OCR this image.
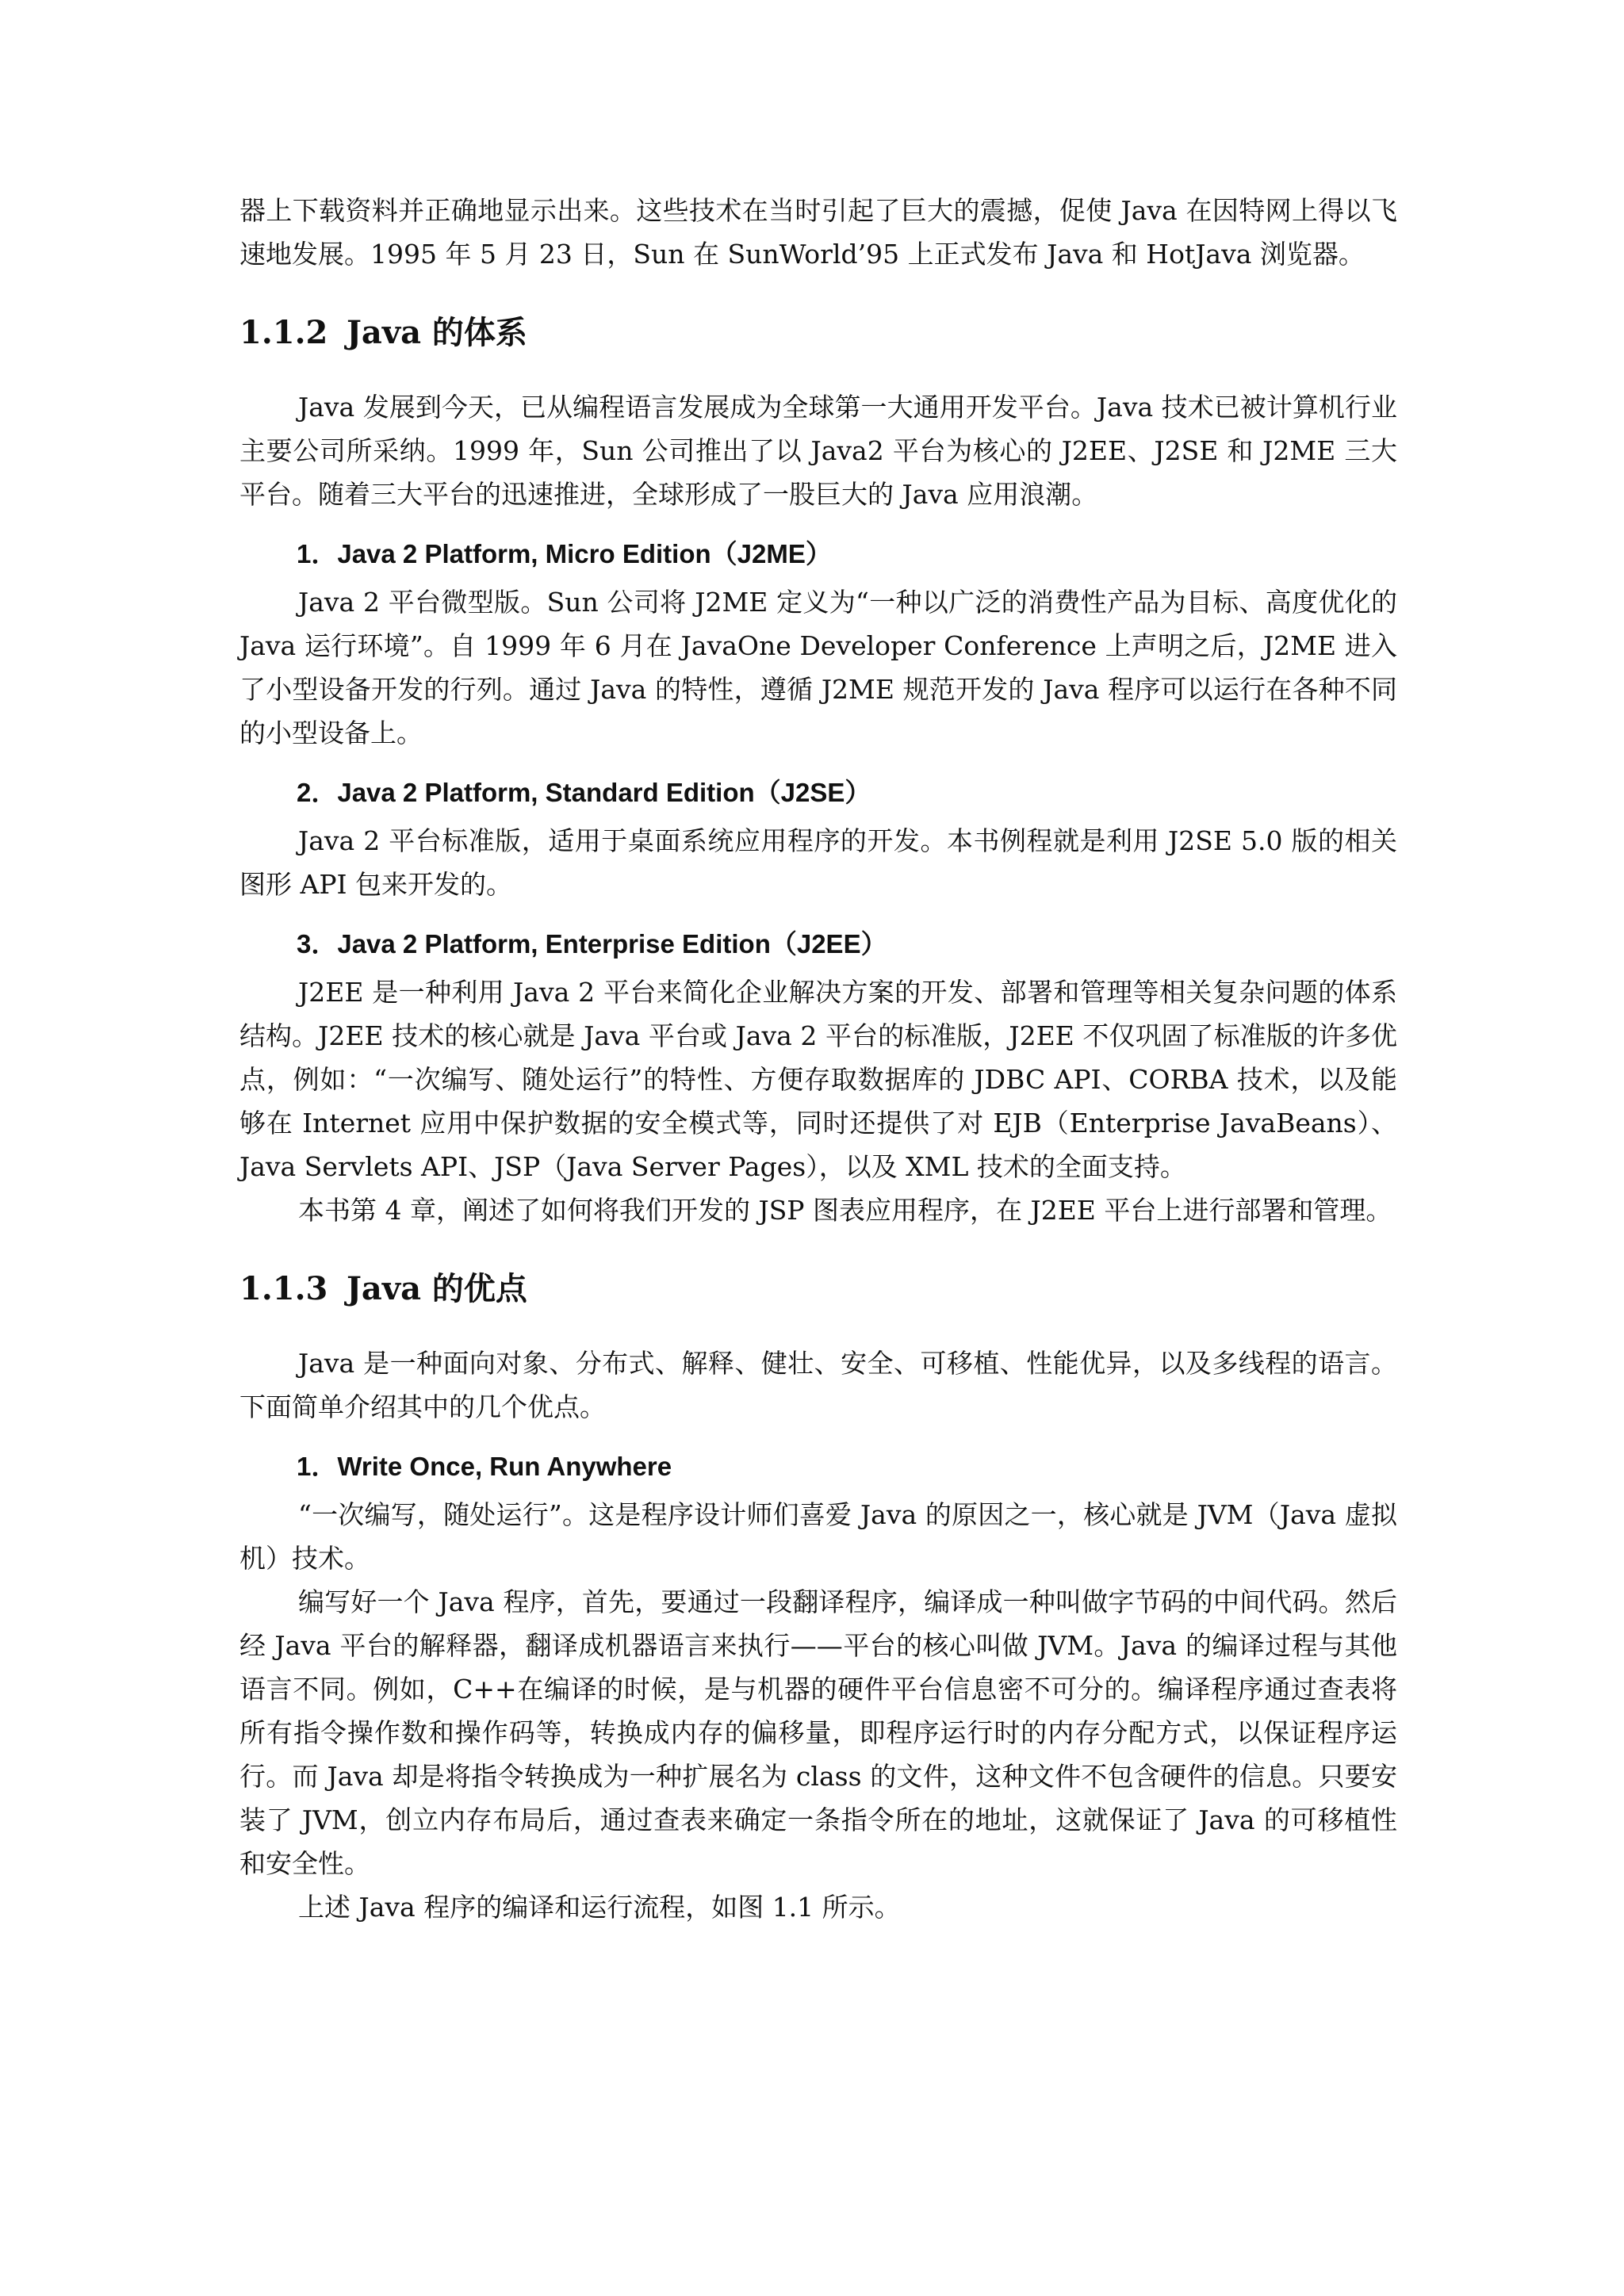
器上下载资料并正确地显示出来。这些技术在当时引起了巨大的震撼，促使 Java 在因特网上得以飞速地发展。1995 年 5 月 23 日，Sun 在 SunWorld’95 上正式发布 Java 和 HotJava 浏览器。

1.1.2 Java 的体系

Java 发展到今天，已从编程语言发展成为全球第一大通用开发平台。Java 技术已被计算机行业主要公司所采纳。1999 年，Sun 公司推出了以 Java2 平台为核心的 J2EE、J2SE 和 J2ME 三大平台。随着三大平台的迅速推进，全球形成了一股巨大的 Java 应用浪潮。

1．Java 2 Platform, Micro Edition（J2ME）

Java 2 平台微型版。Sun 公司将 J2ME 定义为“一种以广泛的消费性产品为目标、高度优化的 Java 运行环境”。自 1999 年 6 月在 JavaOne Developer Conference 上声明之后，J2ME 进入了小型设备开发的行列。通过 Java 的特性，遵循 J2ME 规范开发的 Java 程序可以运行在各种不同的小型设备上。

2．Java 2 Platform, Standard Edition（J2SE）

Java 2 平台标准版，适用于桌面系统应用程序的开发。本书例程就是利用 J2SE 5.0 版的相关图形 API 包来开发的。

3．Java 2 Platform, Enterprise Edition（J2EE）

J2EE 是一种利用 Java 2 平台来简化企业解决方案的开发、部署和管理等相关复杂问题的体系结构。J2EE 技术的核心就是 Java 平台或 Java 2 平台的标准版，J2EE 不仅巩固了标准版的许多优点，例如：“一次编写、随处运行”的特性、方便存取数据库的 JDBC API、CORBA 技术，以及能够在 Internet 应用中保护数据的安全模式等，同时还提供了对 EJB（Enterprise JavaBeans）、Java Servlets API、JSP（Java Server Pages），以及 XML 技术的全面支持。

本书第 4 章，阐述了如何将我们开发的 JSP 图表应用程序，在 J2EE 平台上进行部署和管理。

1.1.3 Java 的优点

Java 是一种面向对象、分布式、解释、健壮、安全、可移植、性能优异，以及多线程的语言。下面简单介绍其中的几个优点。

1．Write Once, Run Anywhere

“一次编写，随处运行”。这是程序设计师们喜爱 Java 的原因之一，核心就是 JVM（Java 虚拟机）技术。

编写好一个 Java 程序，首先，要通过一段翻译程序，编译成一种叫做字节码的中间代码。然后经 Java 平台的解释器，翻译成机器语言来执行——平台的核心叫做 JVM。Java 的编译过程与其他语言不同。例如，C++在编译的时候，是与机器的硬件平台信息密不可分的。编译程序通过查表将所有指令操作数和操作码等，转换成内存的偏移量，即程序运行时的内存分配方式，以保证程序运行。而 Java 却是将指令转换成为一种扩展名为 class 的文件，这种文件不包含硬件的信息。只要安装了 JVM，创立内存布局后，通过查表来确定一条指令所在的地址，这就保证了 Java 的可移植性和安全性。

上述 Java 程序的编译和运行流程，如图 1.1 所示。
